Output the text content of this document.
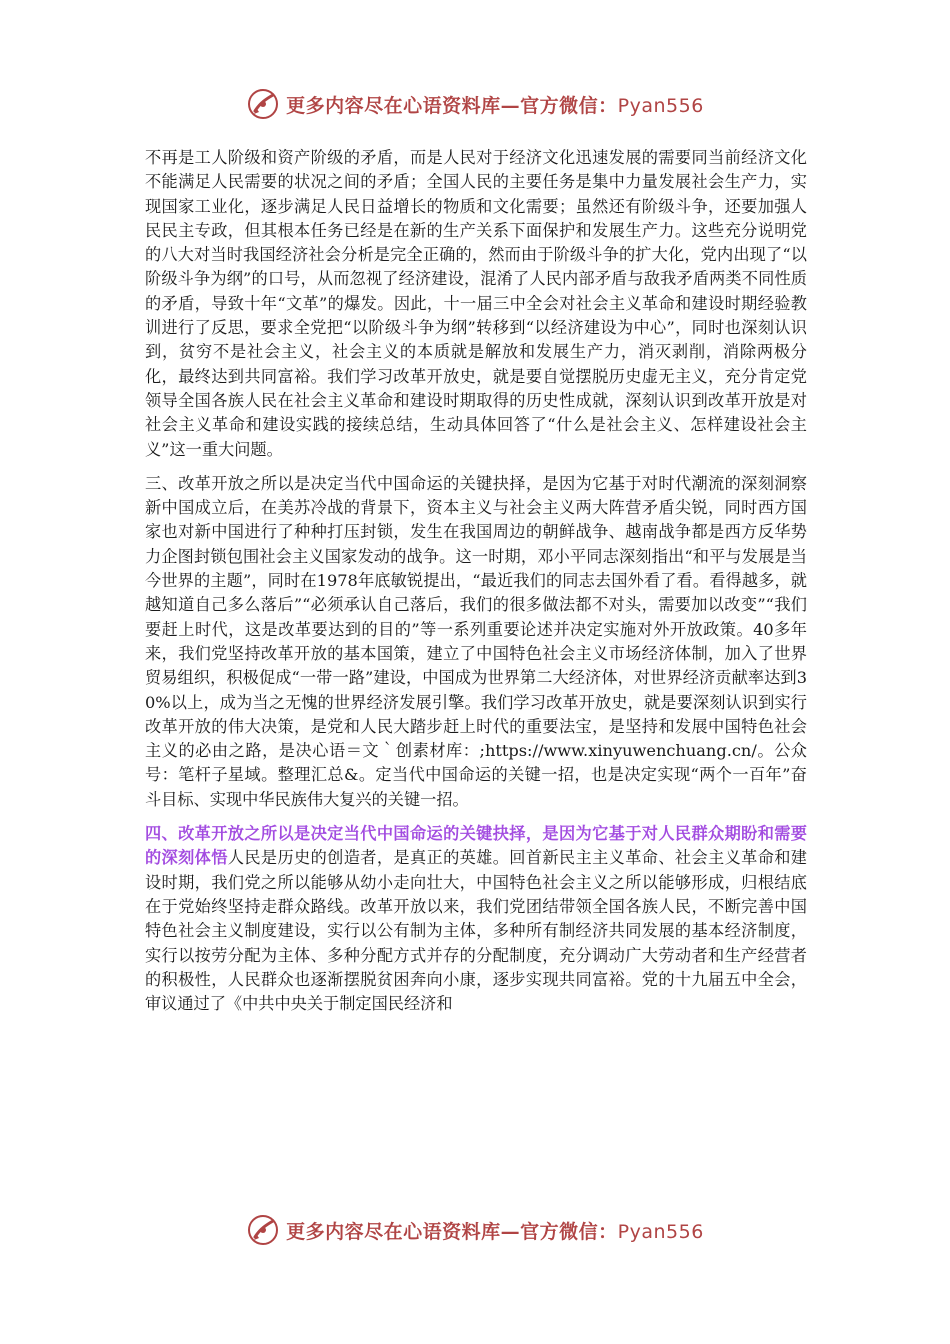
更多内容尽在心语资料库—官方微信：Pyan556

不再是工人阶级和资产阶级的矛盾，而是人民对于经济文化迅速发展的需要同当前经济文化不能满足人民需要的状况之间的矛盾；全国人民的主要任务是集中力量发展社会生产力，实现国家工业化，逐步满足人民日益增长的物质和文化需要；虽然还有阶级斗争，还要加强人民民主专政，但其根本任务已经是在新的生产关系下面保护和发展生产力。这些充分说明党的八大对当时我国经济社会分析是完全正确的，然而由于阶级斗争的扩大化，党内出现了“以阶级斗争为纲”的口号，从而忽视了经济建设，混淆了人民内部矛盾与敌我矛盾两类不同性质的矛盾，导致十年“文革”的爆发。因此，十一届三中全会对社会主义革命和建设时期经验教训进行了反思，要求全党把“以阶级斗争为纲”转移到“以经济建设为中心”，同时也深刻认识到，贫穷不是社会主义，社会主义的本质就是解放和发展生产力，消灭剥削，消除两极分化，最终达到共同富裕。我们学习改革开放史，就是要自觉摆脱历史虚无主义，充分肯定党领导全国各族人民在社会主义革命和建设时期取得的历史性成就，深刻认识到改革开放是对社会主义革命和建设实践的接续总结，生动具体回答了“什么是社会主义、怎样建设社会主义”这一重大问题。

三、改革开放之所以是决定当代中国命运的关键抉择，是因为它基于对时代潮流的深刻洞察新中国成立后，在美苏冷战的背景下，资本主义与社会主义两大阵营矛盾尖锐，同时西方国家也对新中国进行了种种打压封锁，发生在我国周边的朝鲜战争、越南战争都是西方反华势力企图封锁包围社会主义国家发动的战争。这一时期，邓小平同志深刻指出“和平与发展是当今世界的主题”，同时在1978年底敏锐提出，“最近我们的同志去国外看了看。看得越多，就越知道自己多么落后”“必须承认自己落后，我们的很多做法都不对头，需要加以改变”“我们要赶上时代，这是改革要达到的目的”等一系列重要论述并决定实施对外开放政策。40多年来，我们党坚持改革开放的基本国策，建立了中国特色社会主义市场经济体制，加入了世界贸易组织，积极促成“一带一路”建设，中国成为世界第二大经济体，对世界经济贡献率达到30%以上，成为当之无愧的世界经济发展引擎。我们学习改革开放史，就是要深刻认识到实行改革开放的伟大决策，是党和人民大踏步赶上时代的重要法宝，是坚持和发展中国特色社会主义的必由之路，是决心语＝文｀创素材库：;https://www.xinyuwenchuang.cn/。公众号：笔杆子星域。整理汇总&。定当代中国命运的关键一招，也是决定实现“两个一百年”奋斗目标、实现中华民族伟大复兴的关键一招。

四、改革开放之所以是决定当代中国命运的关键抉择，是因为它基于对人民群众期盼和需要的深刻体悟人民是历史的创造者，是真正的英雄。回首新民主主义革命、社会主义革命和建设时期，我们党之所以能够从幼小走向壮大，中国特色社会主义之所以能够形成，归根结底在于党始终坚持走群众路线。改革开放以来，我们党团结带领全国各族人民，不断完善中国特色社会主义制度建设，实行以公有制为主体，多种所有制经济共同发展的基本经济制度，实行以按劳分配为主体、多种分配方式并存的分配制度，充分调动广大劳动者和生产经营者的积极性，人民群众也逐渐摆脱贫困奔向小康，逐步实现共同富裕。党的十九届五中全会，审议通过了《中共中央关于制定国民经济和

更多内容尽在心语资料库—官方微信：Pyan556
